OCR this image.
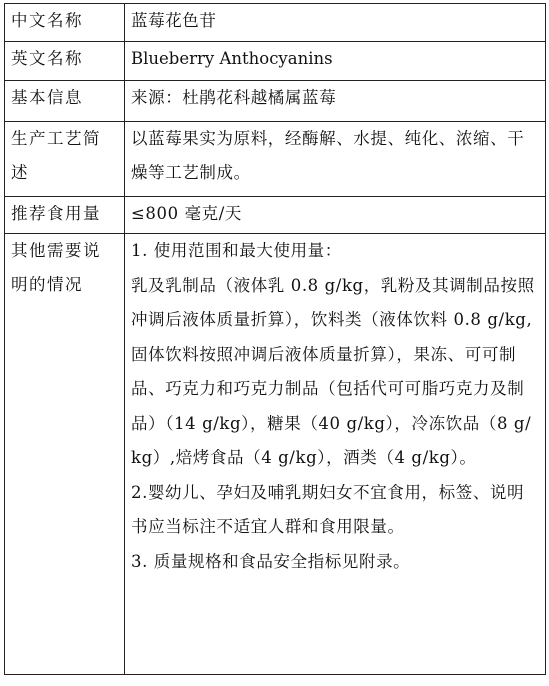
中文名称	蓝莓花色苷
英文名称	Blueberry Anthocyanins
基本信息	来源：杜鹃花科越橘属蓝莓
生产工艺简述	以蓝莓果实为原料，经酶解、水提、纯化、浓缩、干燥等工艺制成。
推荐食用量	≤800 毫克/天
其他需要说明的情况	1. 使用范围和最大使用量：
乳及乳制品（液体乳 0.8 g/kg，乳粉及其调制品按照冲调后液体质量折算），饮料类（液体饮料 0.8 g/kg,固体饮料按照冲调后液体质量折算），果冻、可可制品、巧克力和巧克力制品（包括代可可脂巧克力及制品）（14 g/kg），糖果（40 g/kg），冷冻饮品（8 g/kg）,焙烤食品（4 g/kg），酒类（4 g/kg）。
2.婴幼儿、孕妇及哺乳期妇女不宜食用，标签、说明书应当标注不适宜人群和食用限量。
3. 质量规格和食品安全指标见附录。
